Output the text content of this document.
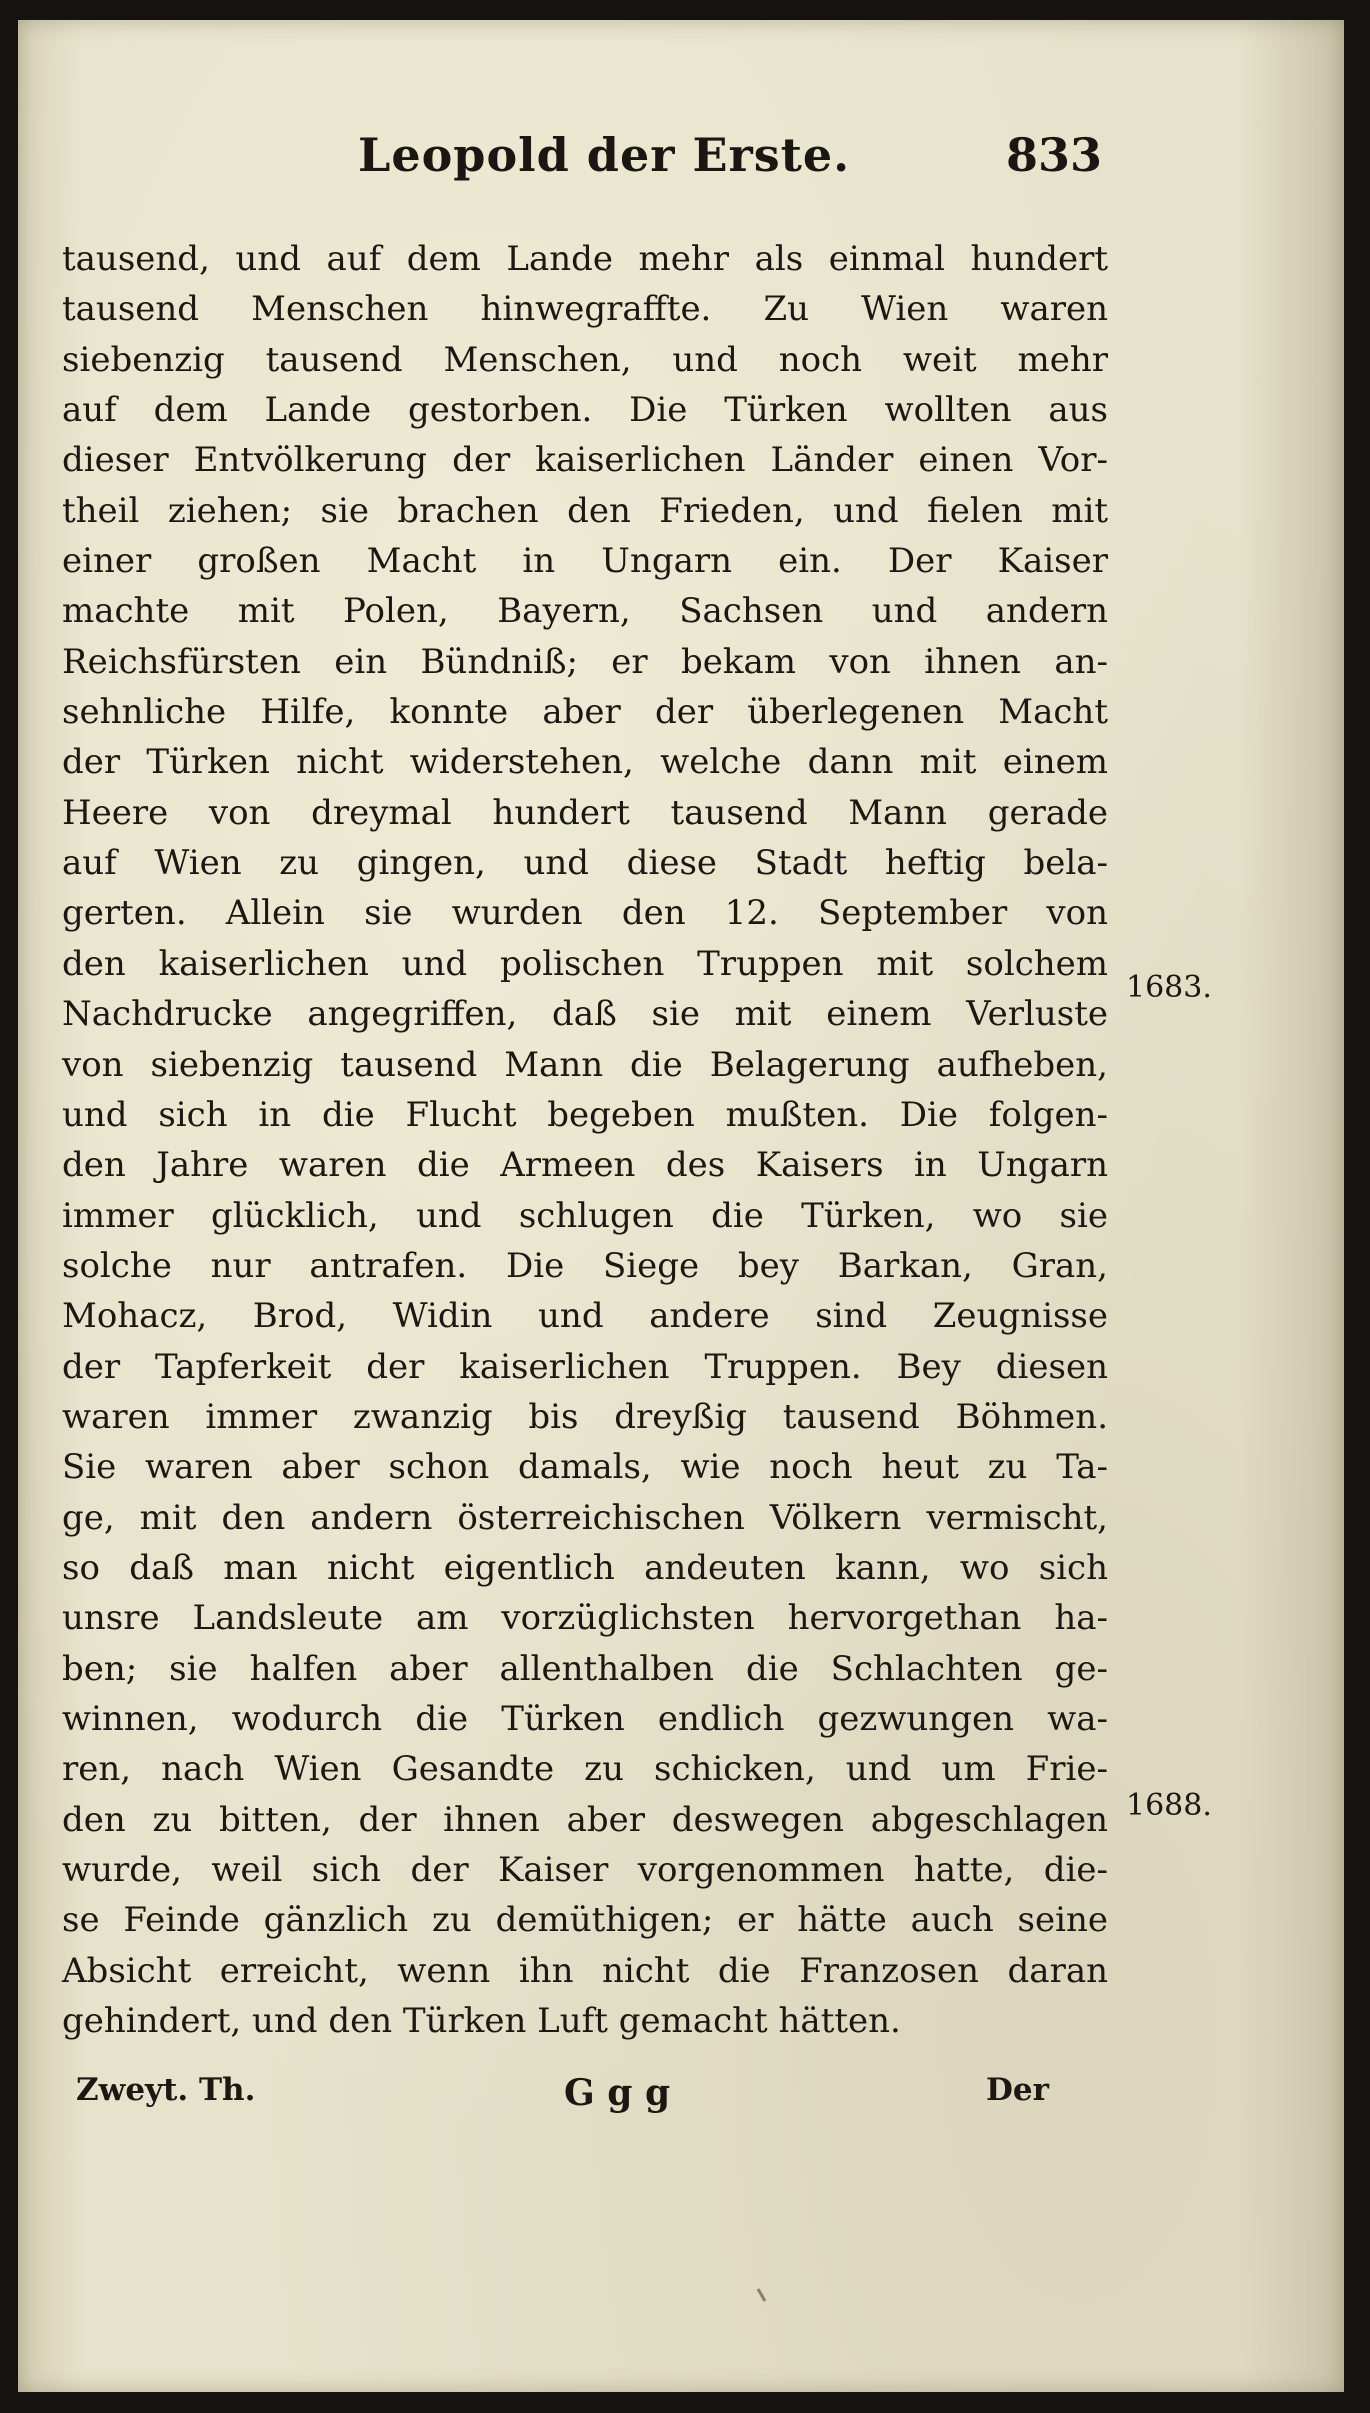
Leopold der Erste.	833
tausend, und auf dem Lande mehr als einmal hundert
tausend Menschen hinwegraffte. Zu Wien waren
siebenzig tausend Menschen, und noch weit mehr
auf dem Lande gestorben. Die Türken wollten aus
dieser Entvölkerung der kaiserlichen Länder einen Vor-
theil ziehen; sie brachen den Frieden, und fielen mit
einer großen Macht in Ungarn ein. Der Kaiser
machte mit Polen, Bayern, Sachsen und andern
Reichsfürsten ein Bündniß; er bekam von ihnen an-
sehnliche Hilfe, konnte aber der überlegenen Macht
der Türken nicht widerstehen, welche dann mit einem
Heere von dreymal hundert tausend Mann gerade
auf Wien zu gingen, und diese Stadt heftig bela-
gerten. Allein sie wurden den 12. September von
den kaiserlichen und polischen Truppen mit solchem
Nachdrucke angegriffen, daß sie mit einem Verluste
von siebenzig tausend Mann die Belagerung aufheben,
und sich in die Flucht begeben mußten. Die folgen-
den Jahre waren die Armeen des Kaisers in Ungarn
immer glücklich, und schlugen die Türken, wo sie
solche nur antrafen. Die Siege bey Barkan, Gran,
Mohacz, Brod, Widin und andere sind Zeugnisse
der Tapferkeit der kaiserlichen Truppen. Bey diesen
waren immer zwanzig bis dreyßig tausend Böhmen.
Sie waren aber schon damals, wie noch heut zu Ta-
ge, mit den andern österreichischen Völkern vermischt,
so daß man nicht eigentlich andeuten kann, wo sich
unsre Landsleute am vorzüglichsten hervorgethan ha-
ben; sie halfen aber allenthalben die Schlachten ge-
winnen, wodurch die Türken endlich gezwungen wa-
ren, nach Wien Gesandte zu schicken, und um Frie-
den zu bitten, der ihnen aber deswegen abgeschlagen
wurde, weil sich der Kaiser vorgenommen hatte, die-
se Feinde gänzlich zu demüthigen; er hätte auch seine
Absicht erreicht, wenn ihn nicht die Franzosen daran
gehindert, und den Türken Luft gemacht hätten.
1683.
1688.
Zweyt. Th.	G g g	Der
